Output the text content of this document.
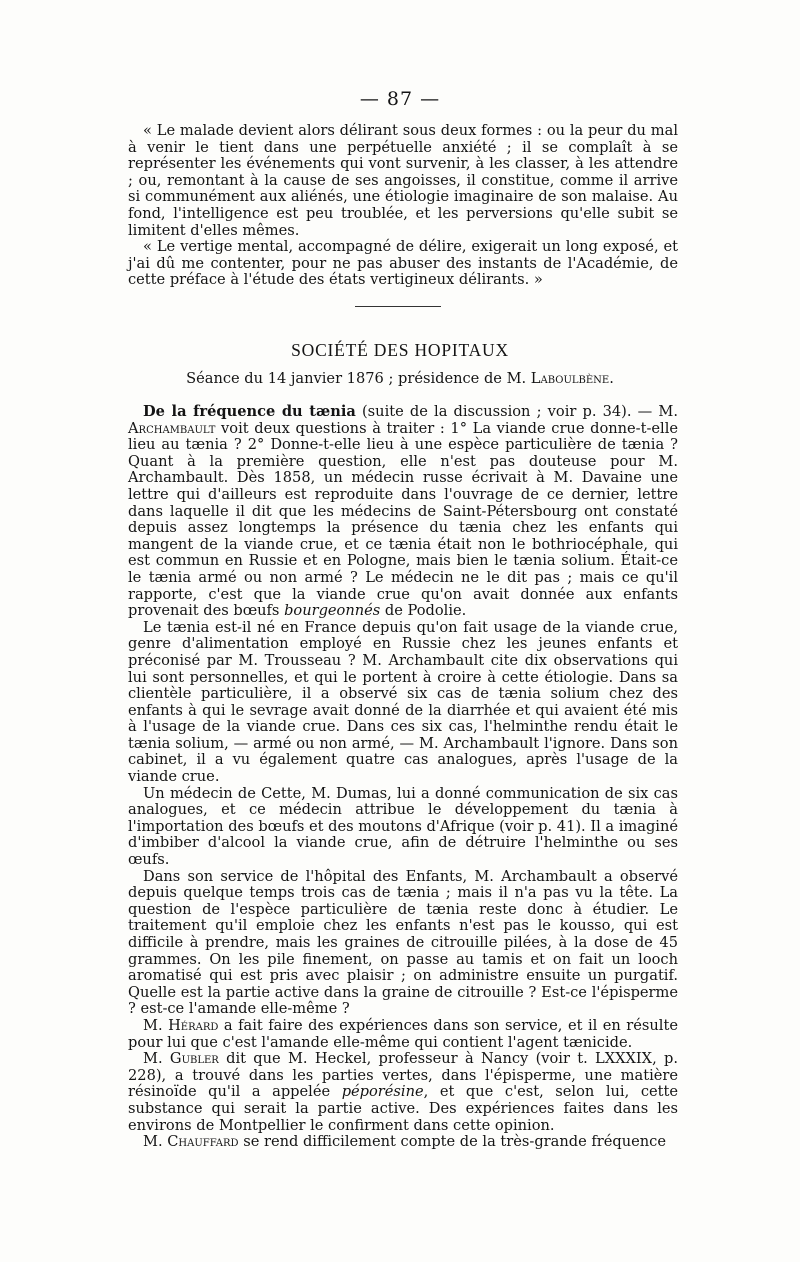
— 87 —

« Le malade devient alors délirant sous deux formes : ou la peur du mal à venir le tient dans une perpétuelle anxiété ; il se complaît à se représenter les événements qui vont survenir, à les classer, à les attendre ; ou, remontant à la cause de ses angoisses, il constitue, comme il arrive si communément aux aliénés, une étiologie imaginaire de son malaise. Au fond, l'intelligence est peu troublée, et les perversions qu'elle subit se limitent d'elles mêmes.

« Le vertige mental, accompagné de délire, exigerait un long exposé, et j'ai dû me contenter, pour ne pas abuser des instants de l'Académie, de cette préface à l'étude des états vertigineux délirants. »

SOCIÉTÉ DES HOPITAUX
Séance du 14 janvier 1876 ; présidence de M. Laboulbène.

De la fréquence du tænia (suite de la discussion ; voir p. 34). — M. Archambault voit deux questions à traiter : 1° La viande crue donne-t-elle lieu au tænia ? 2° Donne-t-elle lieu à une espèce particulière de tænia ? Quant à la première question, elle n'est pas douteuse pour M. Archambault. Dès 1858, un médecin russe écrivait à M. Davaine une lettre qui d'ailleurs est reproduite dans l'ouvrage de ce dernier, lettre dans laquelle il dit que les médecins de Saint-Pétersbourg ont constaté depuis assez longtemps la présence du tænia chez les enfants qui mangent de la viande crue, et ce tænia était non le bothriocéphale, qui est commun en Russie et en Pologne, mais bien le tænia solium. Était-ce le tænia armé ou non armé ? Le médecin ne le dit pas ; mais ce qu'il rapporte, c'est que la viande crue qu'on avait donnée aux enfants provenait des bœufs bourgeonnés de Podolie.

Le tænia est-il né en France depuis qu'on fait usage de la viande crue, genre d'alimentation employé en Russie chez les jeunes enfants et préconisé par M. Trousseau ? M. Archambault cite dix observations qui lui sont personnelles, et qui le portent à croire à cette étiologie. Dans sa clientèle particulière, il a observé six cas de tænia solium chez des enfants à qui le sevrage avait donné de la diarrhée et qui avaient été mis à l'usage de la viande crue. Dans ces six cas, l'helminthe rendu était le tænia solium, — armé ou non armé, — M. Archambault l'ignore. Dans son cabinet, il a vu également quatre cas analogues, après l'usage de la viande crue.

Un médecin de Cette, M. Dumas, lui a donné communication de six cas analogues, et ce médecin attribue le développement du tænia à l'importation des bœufs et des moutons d'Afrique (voir p. 41). Il a imaginé d'imbiber d'alcool la viande crue, afin de détruire l'helminthe ou ses œufs.

Dans son service de l'hôpital des Enfants, M. Archambault a observé depuis quelque temps trois cas de tænia ; mais il n'a pas vu la tête. La question de l'espèce particulière de tænia reste donc à étudier. Le traitement qu'il emploie chez les enfants n'est pas le kousso, qui est difficile à prendre, mais les graines de citrouille pilées, à la dose de 45 grammes. On les pile finement, on passe au tamis et on fait un looch aromatisé qui est pris avec plaisir ; on administre ensuite un purgatif. Quelle est la partie active dans la graine de citrouille ? Est-ce l'épisperme ? est-ce l'amande elle-même ?

M. Hérard a fait faire des expériences dans son service, et il en résulte pour lui que c'est l'amande elle-même qui contient l'agent tænicide.

M. Gubler dit que M. Heckel, professeur à Nancy (voir t. LXXXIX, p. 228), a trouvé dans les parties vertes, dans l'épisperme, une matière résinoïde qu'il a appelée péporésine, et que c'est, selon lui, cette substance qui serait la partie active. Des expériences faites dans les environs de Montpellier le confirment dans cette opinion.

M. Chauffard se rend difficilement compte de la très-grande fréquence
